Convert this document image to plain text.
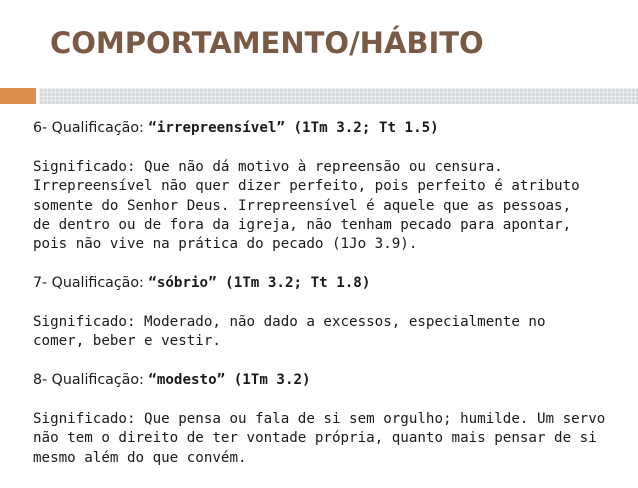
COMPORTAMENTO/HÁBITO

6- Qualificação: “irrepreensível” (1Tm 3.2; Tt 1.5)

Significado: Que não dá motivo à repreensão ou censura.
Irrepreensível não quer dizer perfeito, pois perfeito é atributo
somente do Senhor Deus. Irrepreensível é aquele que as pessoas,
de dentro ou de fora da igreja, não tenham pecado para apontar,
pois não vive na prática do pecado (1Jo 3.9).

7- Qualificação: “sóbrio” (1Tm 3.2; Tt 1.8)

Significado: Moderado, não dado a excessos, especialmente no
comer, beber e vestir.

8- Qualificação: “modesto” (1Tm 3.2)

Significado: Que pensa ou fala de si sem orgulho; humilde. Um servo
não tem o direito de ter vontade própria, quanto mais pensar de si
mesmo além do que convém.
